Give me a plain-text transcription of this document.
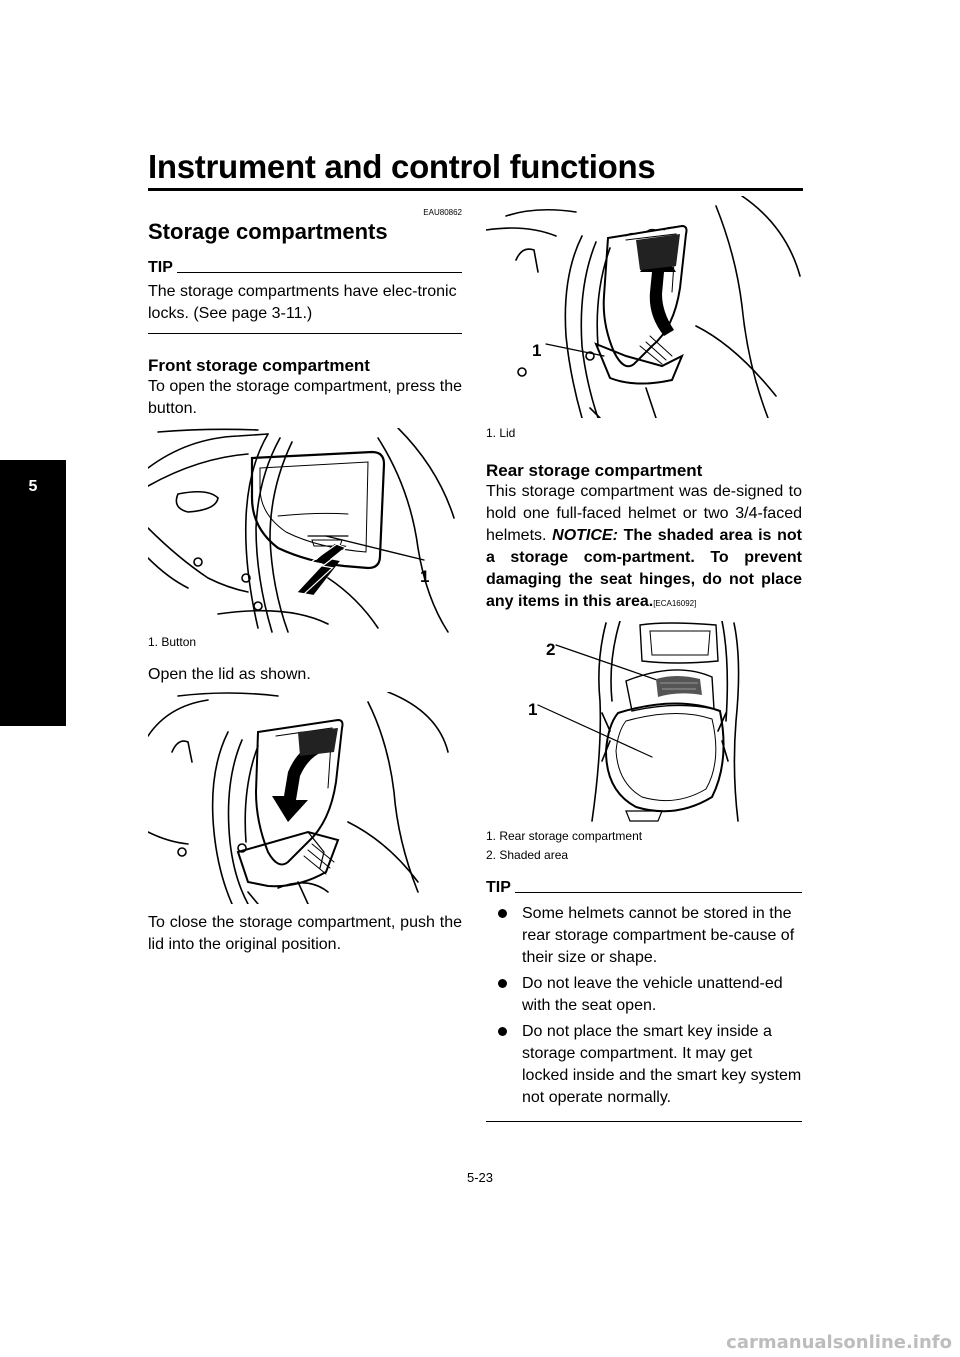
Instrument and control functions
5
EAU80862
Storage compartments
TIP
The storage compartments have elec-tronic locks. (See page 3-11.)
Front storage compartment
To open the storage compartment, press the button.
1
1. Button
Open the lid as shown.
To close the storage compartment, push the lid into the original position.
1
1. Lid
Rear storage compartment
This storage compartment was de-signed to hold one full-faced helmet or two 3/4-faced helmets. NOTICE: The shaded area is not a storage com-partment. To prevent damaging the seat hinges, do not place any items in this area.[ECA16092]
2
1
1. Rear storage compartment
2. Shaded area
TIP
Some helmets cannot be stored in the rear storage compartment be-cause of their size or shape.
Do not leave the vehicle unattend-ed with the seat open.
Do not place the smart key inside a storage compartment. It may get locked inside and the smart key system not operate normally.
5-23
carmanualsonline.info
